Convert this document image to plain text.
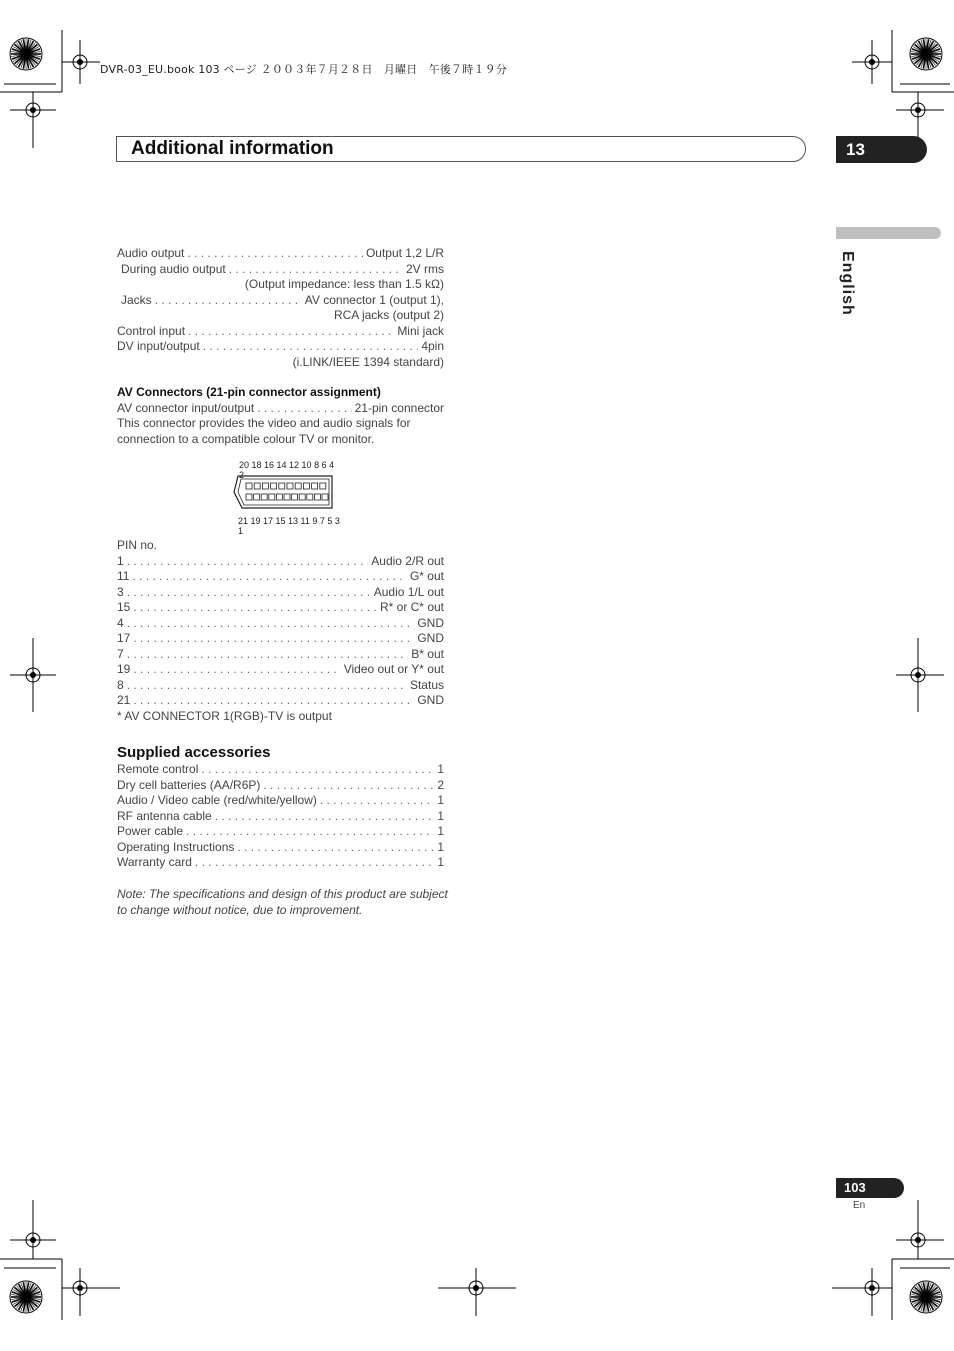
DVR-03_EU.book 103 ページ ２００３年７月２８日　月曜日　午後７時１９分
Additional information	13
English
Audio output . . .	Output 1,2 L/R
During audio output . . .	2V rms
(Output impedance: less than 1.5 kΩ)
Jacks . . .	AV connector 1 (output 1),
RCA jacks (output 2)
Control input . . .	Mini jack
DV input/output . . .	4pin
(i.LINK/IEEE 1394 standard)
AV Connectors (21-pin connector assignment)
AV connector input/output . . .	21-pin connector
This connector provides the video and audio signals for connection to a compatible colour TV or monitor.
20 18 16 14 12 10 8 6 4 2
21 19 17 15 13 11 9 7 5 3 1
PIN no.
1 . . .	Audio 2/R out
11 . . .	G* out
3 . . .	Audio 1/L out
15 . . .	R* or C* out
4 . . .	GND
17 . . .	GND
7 . . .	B* out
19 . . .	Video out or Y* out
8 . . .	Status
21 . . .	GND
* AV CONNECTOR 1(RGB)-TV is output
Supplied accessories
Remote control . . .	1
Dry cell batteries (AA/R6P) . . .	2
Audio / Video cable (red/white/yellow) . . .	1
RF antenna cable . . .	1
Power cable . . .	1
Operating Instructions . . .	1
Warranty card . . .	1
Note: The specifications and design of this product are subject to change without notice, due to improvement.
103
En
